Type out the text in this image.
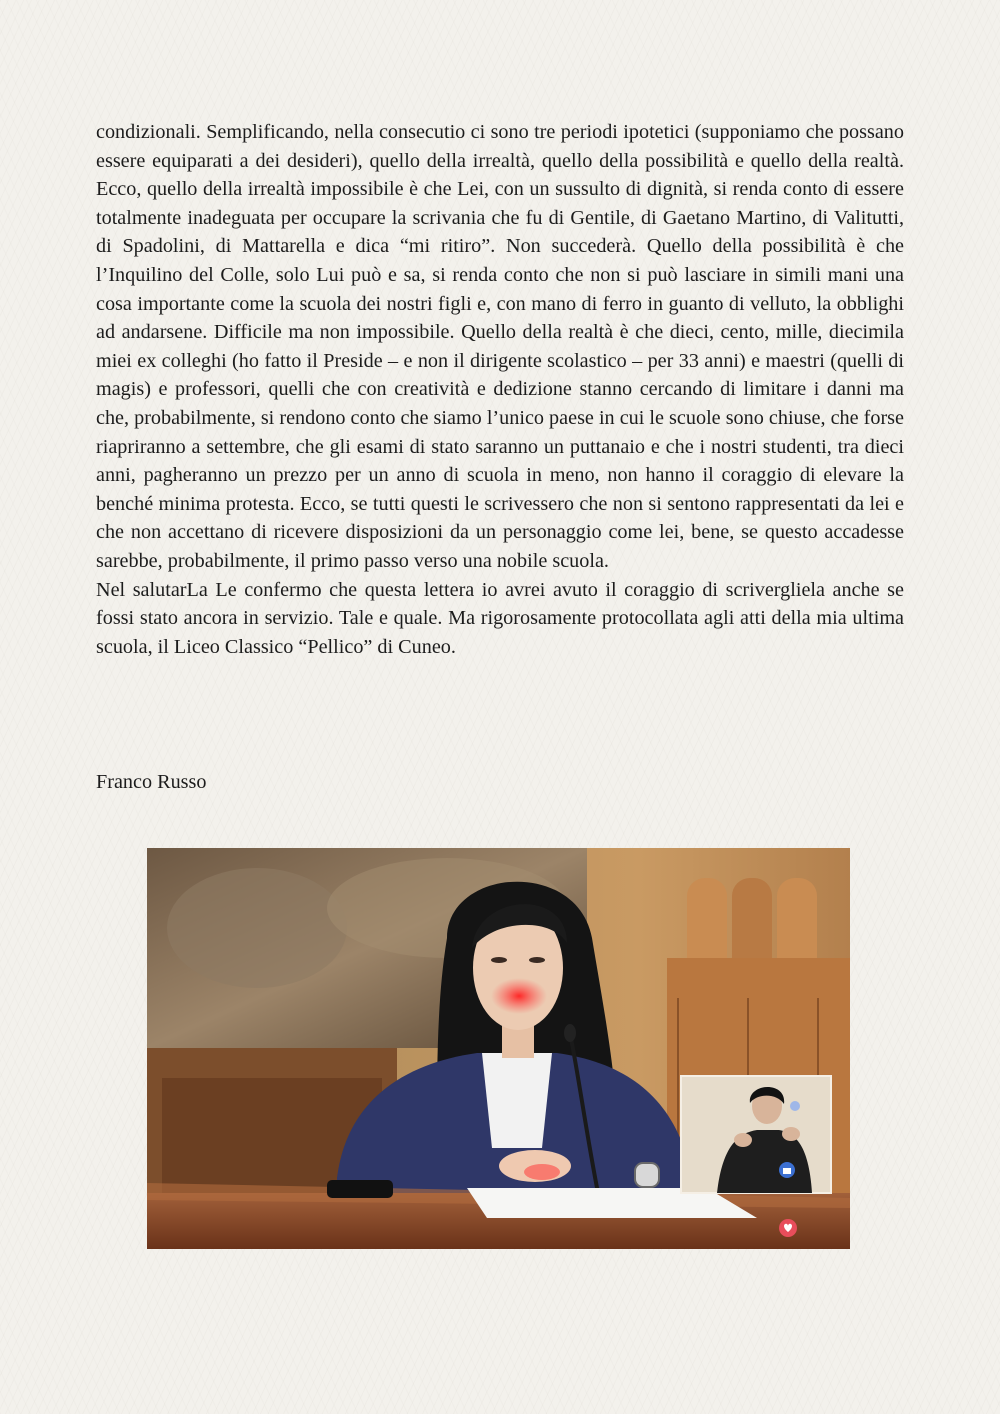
condizionali. Semplificando, nella consecutio ci sono tre periodi ipotetici (supponiamo che possano essere equiparati a dei desideri), quello della irrealtà, quello della possibilità e quello della realtà. Ecco, quello della irrealtà impossibile è che Lei, con un sussulto di dignità, si renda conto di essere totalmente inadeguata per occupare la scrivania che fu di Gentile, di Gaetano Martino, di Valitutti, di Spadolini, di Mattarella e dica “mi ritiro”. Non succederà. Quello della possibilità è che l’Inquilino del Colle, solo Lui può e sa, si renda conto che non si può lasciare in simili mani una cosa importante come la scuola dei nostri figli e, con mano di ferro in guanto di velluto, la obblighi ad andarsene. Difficile ma non impossibile. Quello della realtà è che dieci, cento, mille, diecimila miei ex colleghi (ho fatto il Preside – e non il dirigente scolastico – per 33 anni) e maestri (quelli di magis) e professori, quelli che con creatività e dedizione stanno cercando di limitare i danni ma che, probabilmente, si rendono conto che siamo l’unico paese in cui le scuole sono chiuse, che forse riapriranno a settembre, che gli esami di stato saranno un puttanaio e che i nostri studenti, tra dieci anni, pagheranno un prezzo per un anno di scuola in meno, non hanno il coraggio di elevare la benché minima protesta. Ecco, se tutti questi le scrivessero che non si sentono rappresentati da lei e che non accettano di ricevere disposizioni da un personaggio come lei, bene, se questo accadesse sarebbe, probabilmente, il primo passo verso una nobile scuola.

Nel salutarLa Le confermo che questa lettera io avrei avuto il coraggio di scrivergliela anche se fossi stato ancora in servizio. Tale e quale. Ma rigorosamente protocollata agli atti della mia ultima scuola, il Liceo Classico “Pellico” di Cuneo.

Franco Russo
